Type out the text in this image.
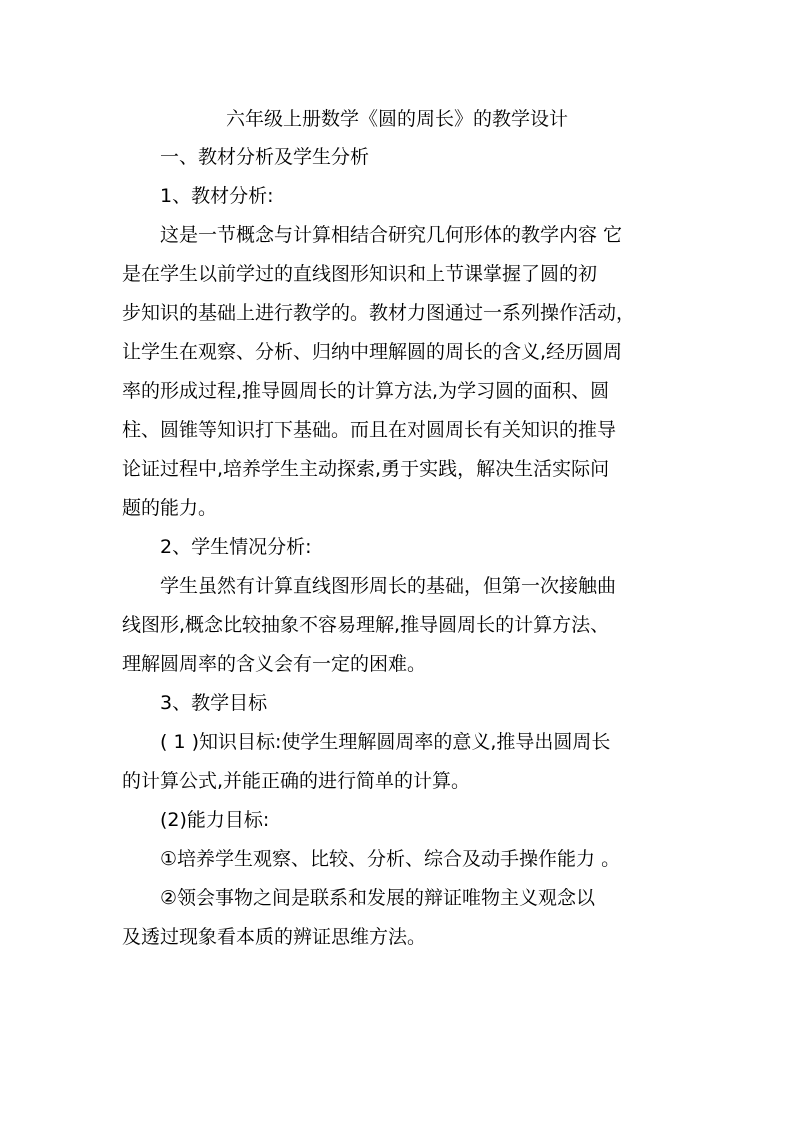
六年级上册数学《圆的周长》的教学设计

一、教材分析及学生分析

1、教材分析:

这是一节概念与计算相结合研究几何形体的教学内容 它
是在学生以前学过的直线图形知识和上节课掌握了圆的初
步知识的基础上进行教学的。教材力图通过一系列操作活动，
让学生在观察、分析、归纳中理解圆的周长的含义,经历圆周
率的形成过程,推导圆周长的计算方法,为学习圆的面积、圆
柱、圆锥等知识打下基础。而且在对圆周长有关知识的推导
论证过程中,培养学生主动探索,勇于实践，解决生活实际问
题的能力。

2、学生情况分析:

学生虽然有计算直线图形周长的基础，但第一次接触曲
线图形,概念比较抽象不容易理解,推导圆周长的计算方法、
理解圆周率的含义会有一定的困难。

3、教学目标

( 1 )知识目标:使学生理解圆周率的意义,推导出圆周长
的计算公式,并能正确的进行简单的计算。

(2)能力目标:

①培养学生观察、比较、分析、综合及动手操作能力 。

②领会事物之间是联系和发展的辩证唯物主义观念以
及透过现象看本质的辨证思维方法。
